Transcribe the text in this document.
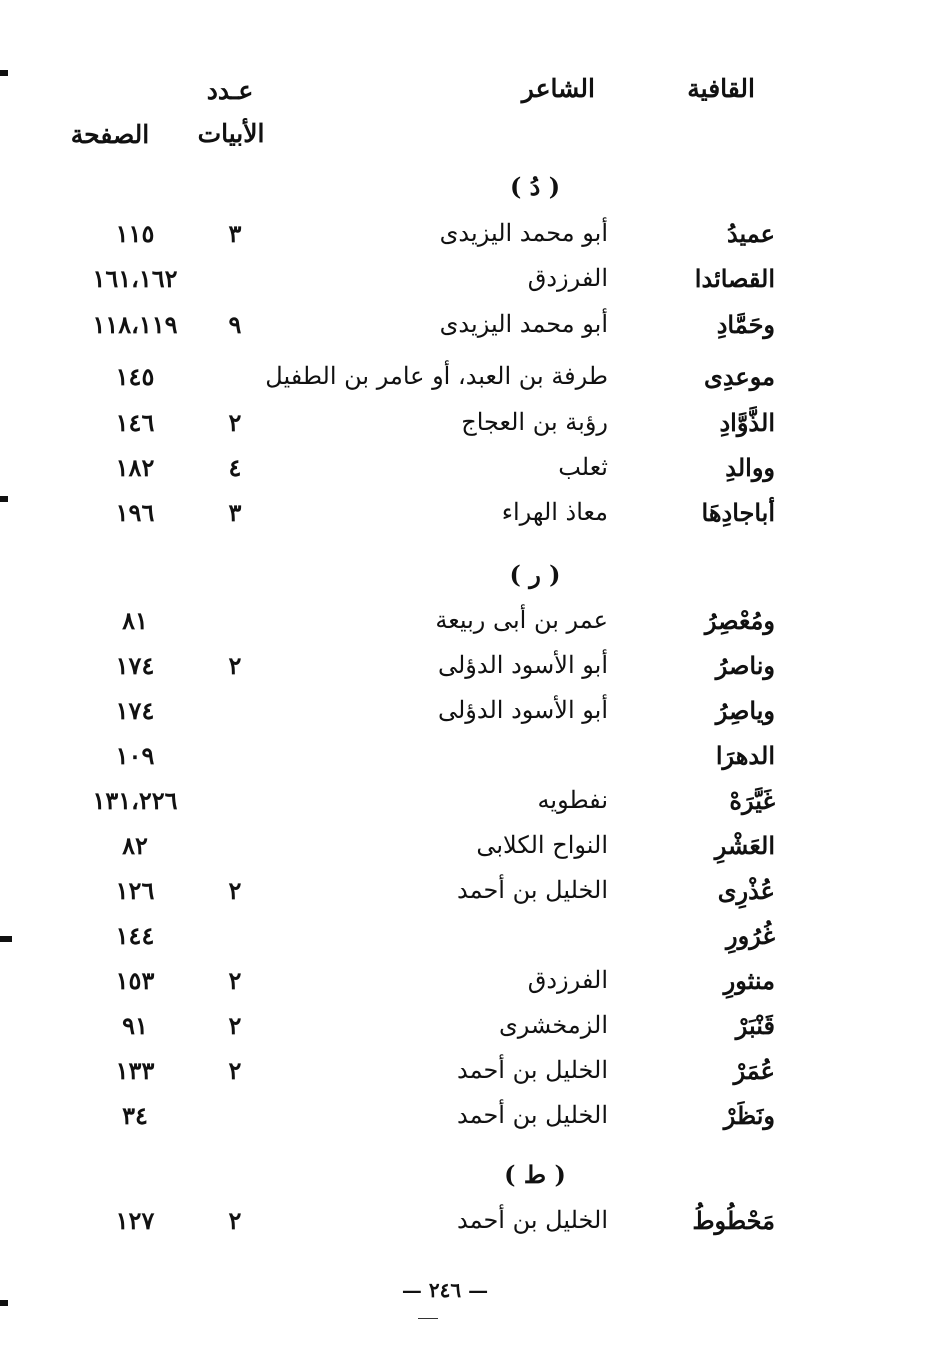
القافية
الشاعر
عـدد
الأبيات
الصفحة
( دُ )
عميدُ
أبو محمد اليزيدى
٣
١١٥
القصائدا
الفرزدق
١٦١،١٦٢
وحَمَّادِ
أبو محمد اليزيدى
٩
١١٨،١١٩
موعدِى
طرفة بن العبد، أو عامر بن الطفيل
١٤٥
الذَّوَّادِ
رؤبة بن العجاج
٢
١٤٦
ووالدِ
ثعلب
٤
١٨٢
أباجادِهَا
معاذ الهراء
٣
١٩٦
( ر )
ومُعْصِرُ
عمر بن أبى ربيعة
٨١
وناصرُ
أبو الأسود الدؤلى
٢
١٧٤
وياصِرُ
أبو الأسود الدؤلى
١٧٤
الدهرَا
١٠٩
غَيَّرَهْ
نفطويه
١٣١،٢٢٦
العَشْرِ
النواح الكلابى
٨٢
عُذْرِى
الخليل بن أحمد
٢
١٢٦
غُرُورِ
١٤٤
منثورِ
الفرزدق
٢
١٥٣
قَنْبَرْ
الزمخشرى
٢
٩١
عُمَرْ
الخليل بن أحمد
٢
١٣٣
ونَظَرْ
الخليل بن أحمد
٣٤
( ط )
مَحْطُوطُ
الخليل بن أحمد
٢
١٢٧
— ٢٤٦ —
